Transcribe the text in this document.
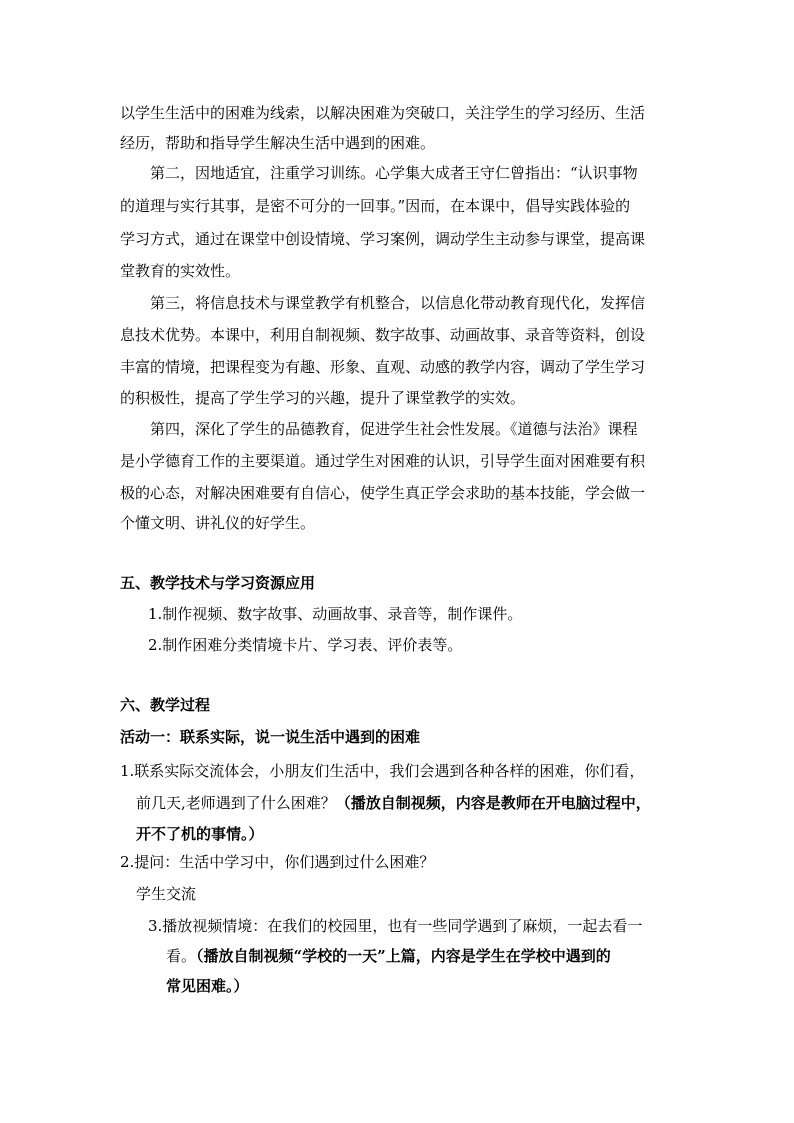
以学生生活中的困难为线索，以解决困难为突破口，关注学生的学习经历、生活
经历，帮助和指导学生解决生活中遇到的困难。
第二，因地适宜，注重学习训练。心学集大成者王守仁曾指出：“认识事物
的道理与实行其事，是密不可分的一回事。”因而，在本课中，倡导实践体验的
学习方式，通过在课堂中创设情境、学习案例，调动学生主动参与课堂，提高课
堂教育的实效性。
第三，将信息技术与课堂教学有机整合，以信息化带动教育现代化，发挥信
息技术优势。本课中，利用自制视频、数字故事、动画故事、录音等资料，创设
丰富的情境，把课程变为有趣、形象、直观、动感的教学内容，调动了学生学习
的积极性，提高了学生学习的兴趣，提升了课堂教学的实效。
第四，深化了学生的品德教育，促进学生社会性发展。《道德与法治》课程
是小学德育工作的主要渠道。通过学生对困难的认识，引导学生面对困难要有积
极的心态，对解决困难要有自信心，使学生真正学会求助的基本技能，学会做一
个懂文明、讲礼仪的好学生。
五、教学技术与学习资源应用
1.制作视频、数字故事、动画故事、录音等，制作课件。
2.制作困难分类情境卡片、学习表、评价表等。
六、教学过程
活动一：联系实际，说一说生活中遇到的困难
1.联系实际交流体会，小朋友们生活中，我们会遇到各种各样的困难，你们看，
前几天,老师遇到了什么困难？（播放自制视频，内容是教师在开电脑过程中，
开不了机的事情。）
2.提问：生活中学习中，你们遇到过什么困难？
学生交流
3.播放视频情境：在我们的校园里，也有一些同学遇到了麻烦，一起去看一
看。（播放自制视频“学校的一天”上篇，内容是学生在学校中遇到的
常见困难。）
